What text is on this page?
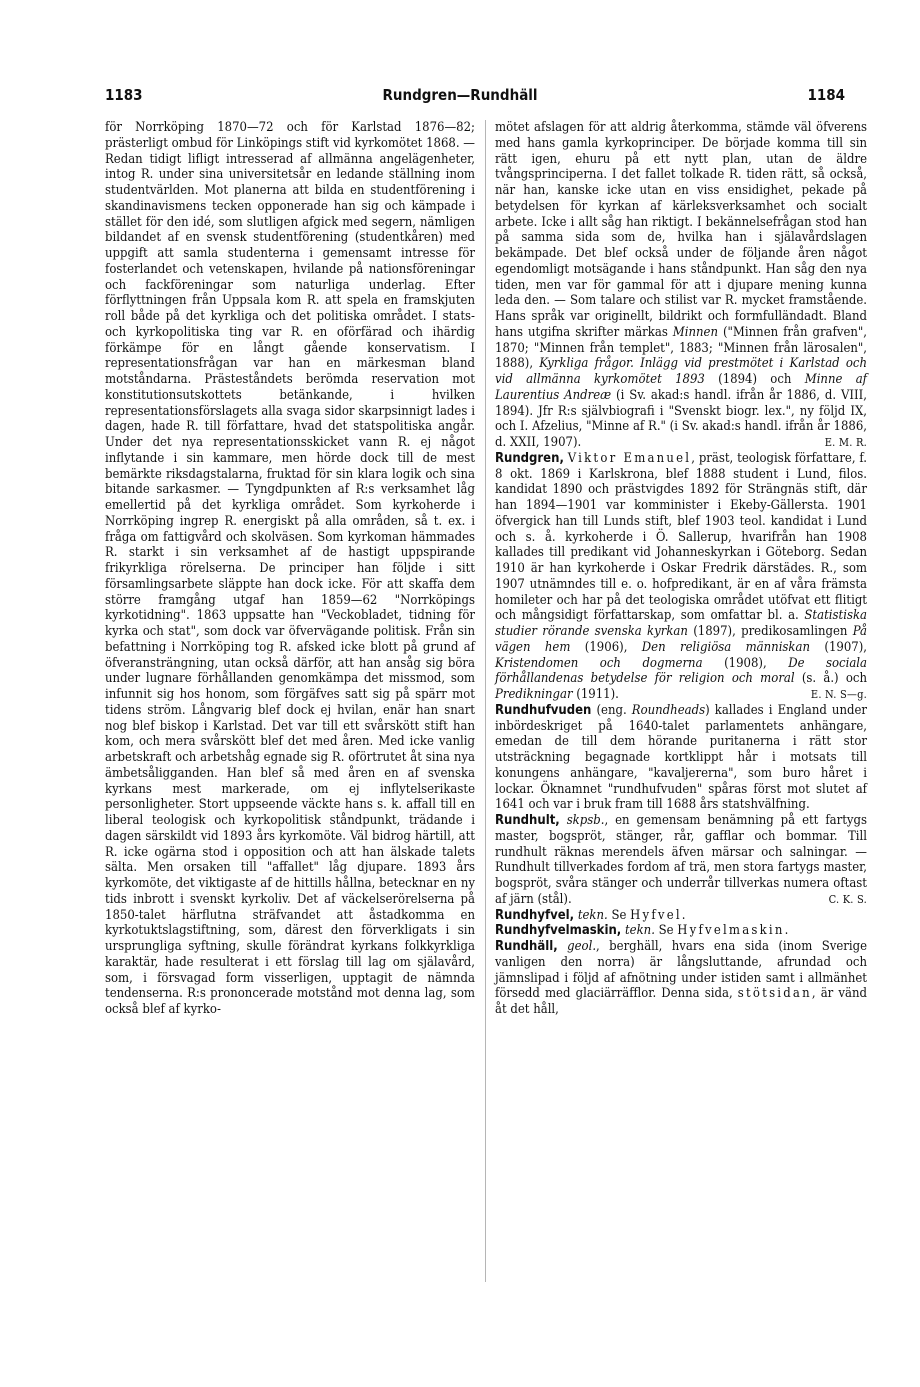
1183	Rundgren—Rundhäll	1184

för Norrköping 1870—72 och för Karlstad 1876—82; prästerligt ombud för Linköpings stift vid kyrkomötet 1868. — Redan tidigt lifligt intresserad af allmänna angelägenheter, intog R. under sina universitetsår en ledande ställning inom studentvärlden. Mot planerna att bilda en studentförening i skandinavismens tecken opponerade han sig och kämpade i stället för den idé, som slutligen afgick med segern, nämligen bildandet af en svensk studentförening (studentkåren) med uppgift att samla studenterna i gemensamt intresse för fosterlandet och vetenskapen, hvilande på nationsföreningar och fackföreningar som naturliga underlag. Efter förflyttningen från Uppsala kom R. att spela en framskjuten roll både på det kyrkliga och det politiska området. I stats- och kyrkopolitiska ting var R. en oförfärad och ihärdig förkämpe för en långt gående konservatism. I representationsfrågan var han en märkesman bland motståndarna. Prästeståndets berömda reservation mot konstitutionsutskottets betänkande, i hvilken representationsförslagets alla svaga sidor skarpsinnigt lades i dagen, hade R. till författare, hvad det statspolitiska angår. Under det nya representationsskicket vann R. ej något inflytande i sin kammare, men hörde dock till de mest bemärkte riksdagstalarna, fruktad för sin klara logik och sina bitande sarkasmer. — Tyngdpunkten af R:s verksamhet låg emellertid på det kyrkliga området. Som kyrkoherde i Norrköping ingrep R. energiskt på alla områden, så t. ex. i fråga om fattigvård och skolväsen. Som kyrkoman hämmades R. starkt i sin verksamhet af de hastigt uppspirande frikyrkliga rörelserna. De principer han följde i sitt församlingsarbete släppte han dock icke. För att skaffa dem större framgång utgaf han 1859—62 "Norrköpings kyrkotidning". 1863 uppsatte han "Veckobladet, tidning för kyrka och stat", som dock var öfvervägande politisk. Från sin befattning i Norrköping tog R. afsked icke blott på grund af öfveransträngning, utan också därför, att han ansåg sig böra under lugnare förhållanden genomkämpa det missmod, som infunnit sig hos honom, som förgäfves satt sig på spärr mot tidens ström. Långvarig blef dock ej hvilan, enär han snart nog blef biskop i Karlstad. Det var till ett svårskött stift han kom, och mera svårskött blef det med åren. Med icke vanlig arbetskraft och arbetshåg egnade sig R. oförtrutet åt sina nya ämbetsåligganden. Han blef så med åren en af svenska kyrkans mest markerade, om ej inflytelserikaste personligheter. Stort uppseende väckte hans s. k. affall till en liberal teologisk och kyrkopolitisk ståndpunkt, trädande i dagen särskildt vid 1893 års kyrkomöte. Väl bidrog härtill, att R. icke ogärna stod i opposition och att han älskade talets sälta. Men orsaken till "affallet" låg djupare. 1893 års kyrkomöte, det viktigaste af de hittills hållna, betecknar en ny tids inbrott i svenskt kyrkoliv. Det af väckelserörelserna på 1850-talet härflutna sträfvandet att åstadkomma en kyrkotuktslagstiftning, som, därest den förverkligats i sin ursprungliga syftning, skulle förändrat kyrkans folkkyrkliga karaktär, hade resulterat i ett förslag till lag om själavård, som, i försvagad form visserligen, upptagit de nämnda tendenserna. R:s prononcerade motstånd mot denna lag, som också blef af kyrko-

mötet afslagen för att aldrig återkomma, stämde väl öfverens med hans gamla kyrkoprinciper. De började komma till sin rätt igen, ehuru på ett nytt plan, utan de äldre tvångsprinciperna. I det fallet tolkade R. tiden rätt, så också, när han, kanske icke utan en viss ensidighet, pekade på betydelsen för kyrkan af kärleksverksamhet och socialt arbete. Icke i allt såg han riktigt. I bekännelsefrågan stod han på samma sida som de, hvilka han i själavårdslagen bekämpade. Det blef också under de följande åren något egendomligt motsägande i hans ståndpunkt. Han såg den nya tiden, men var för gammal för att i djupare mening kunna leda den. — Som talare och stilist var R. mycket framstående. Hans språk var originellt, bildrikt och formfulländadt. Bland hans utgifna skrifter märkas Minnen ("Minnen från grafven", 1870; "Minnen från templet", 1883; "Minnen från lärosalen", 1888), Kyrkliga frågor. Inlägg vid prestmötet i Karlstad och vid allmänna kyrkomötet 1893 (1894) och Minne af Laurentius Andreæ (i Sv. akad:s handl. ifrån år 1886, d. VIII, 1894). Jfr R:s självbiografi i "Svenskt biogr. lex.", ny följd IX, och I. Afzelius, "Minne af R." (i Sv. akad:s handl. ifrån år 1886, d. XXII, 1907).	E. M. R.

Rundgren, Viktor Emanuel, präst, teologisk författare, f. 8 okt. 1869 i Karlskrona, blef 1888 student i Lund, filos. kandidat 1890 och prästvigdes 1892 för Strängnäs stift, där han 1894—1901 var komminister i Ekeby-Gällersta. 1901 öfvergick han till Lunds stift, blef 1903 teol. kandidat i Lund och s. å. kyrkoherde i Ö. Sallerup, hvarifrån han 1908 kallades till predikant vid Johanneskyrkan i Göteborg. Sedan 1910 är han kyrkoherde i Oskar Fredrik därstädes. R., som 1907 utnämndes till e. o. hofpredikant, är en af våra främsta homileter och har på det teologiska området utöfvat ett flitigt och mångsidigt författarskap, som omfattar bl. a. Statistiska studier rörande svenska kyrkan (1897), predikosamlingen På vägen hem (1906), Den religiösa människan (1907), Kristendomen och dogmerna (1908), De sociala förhållandenas betydelse för religion och moral (s. å.) och Predikningar (1911).	E. N. S—g.

Rundhufvuden (eng. Roundheads) kallades i England under inbördeskriget på 1640-talet parlamentets anhängare, emedan de till dem hörande puritanerna i rätt stor utsträckning begagnade kortklippt hår i motsats till konungens anhängare, "kavaljererna", som buro håret i lockar. Öknamnet "rundhufvuden" spåras först mot slutet af 1641 och var i bruk fram till 1688 års statshvälfning.

Rundhult, skpsb., en gemensam benämning på ett fartygs master, bogspröt, stänger, rår, gafflar och bommar. Till rundhult räknas merendels äfven märsar och salningar. — Rundhult tillverkades fordom af trä, men stora fartygs master, bogspröt, svåra stänger och underrår tillverkas numera oftast af järn (stål).	C. K. S.

Rundhyfvel, tekn. Se Hyfvel.

Rundhyfvelmaskin, tekn. Se Hyfvelmaskin.

Rundhäll, geol., berghäll, hvars ena sida (inom Sverige vanligen den norra) är långsluttande, afrundad och jämnslipad i följd af afnötning under istiden samt i allmänhet försedd med glaciärräfflor. Denna sida, stötsidan, är vänd åt det håll,
